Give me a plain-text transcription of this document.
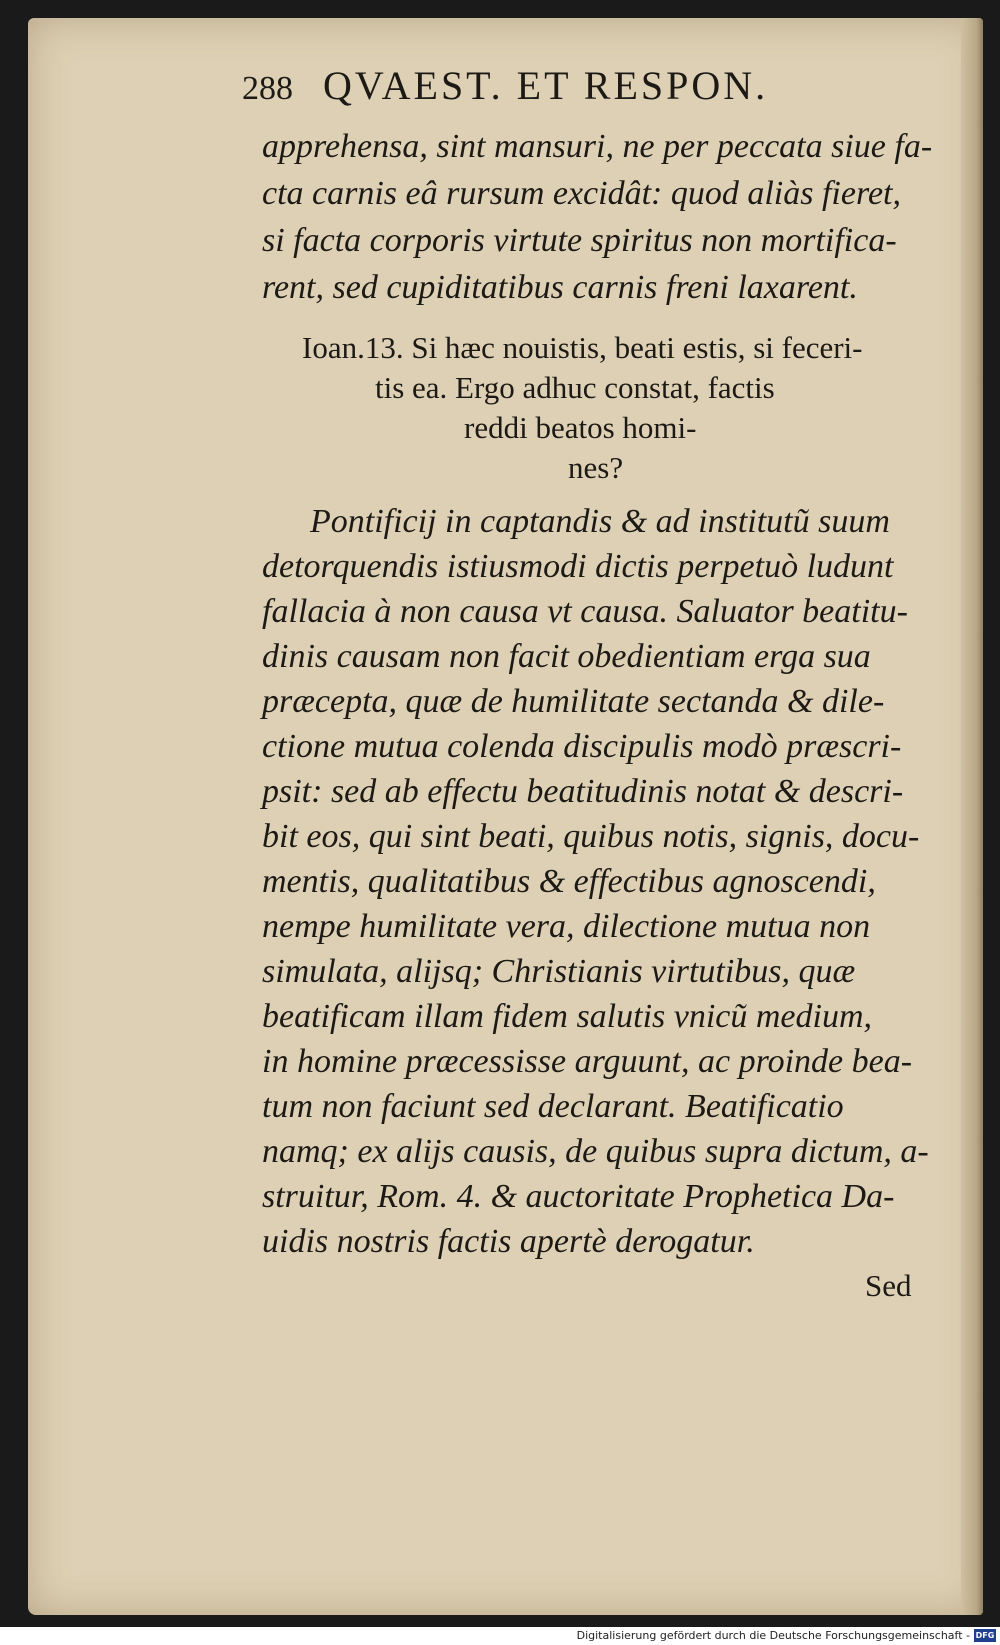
288 QVAEST. ET RESPON.
apprehensa, sint mansuri, ne per peccata siue fa-
cta carnis eâ rursum excidât: quod aliàs fieret,
si facta corporis virtute spiritus non mortifica-
rent, sed cupiditatibus carnis freni laxarent.
Ioan.13. Si hæc nouistis, beati estis, si feceri-
tis ea. Ergo adhuc constat, factis
reddi beatos homi-
nes?
Pontificij in captandis & ad institutũ suum
detorquendis istiusmodi dictis perpetuò ludunt
fallacia à non causa vt causa. Saluator beatitu-
dinis causam non facit obedientiam erga sua
præcepta, quæ de humilitate sectanda & dile-
ctione mutua colenda discipulis modò præscri-
psit: sed ab effectu beatitudinis notat & descri-
bit eos, qui sint beati, quibus notis, signis, docu-
mentis, qualitatibus & effectibus agnoscendi,
nempe humilitate vera, dilectione mutua non
simulata, alijsq; Christianis virtutibus, quæ
beatificam illam fidem salutis vnicũ medium,
in homine præcessisse arguunt, ac proinde bea-
tum non faciunt sed declarant. Beatificatio
namq; ex alijs causis, de quibus supra dictum, a-
struitur, Rom. 4. & auctoritate Prophetica Da-
uidis nostris factis apertè derogatur.
Sed
Digitalisierung gefördert durch die Deutsche Forschungsgemeinschaft - DFG
